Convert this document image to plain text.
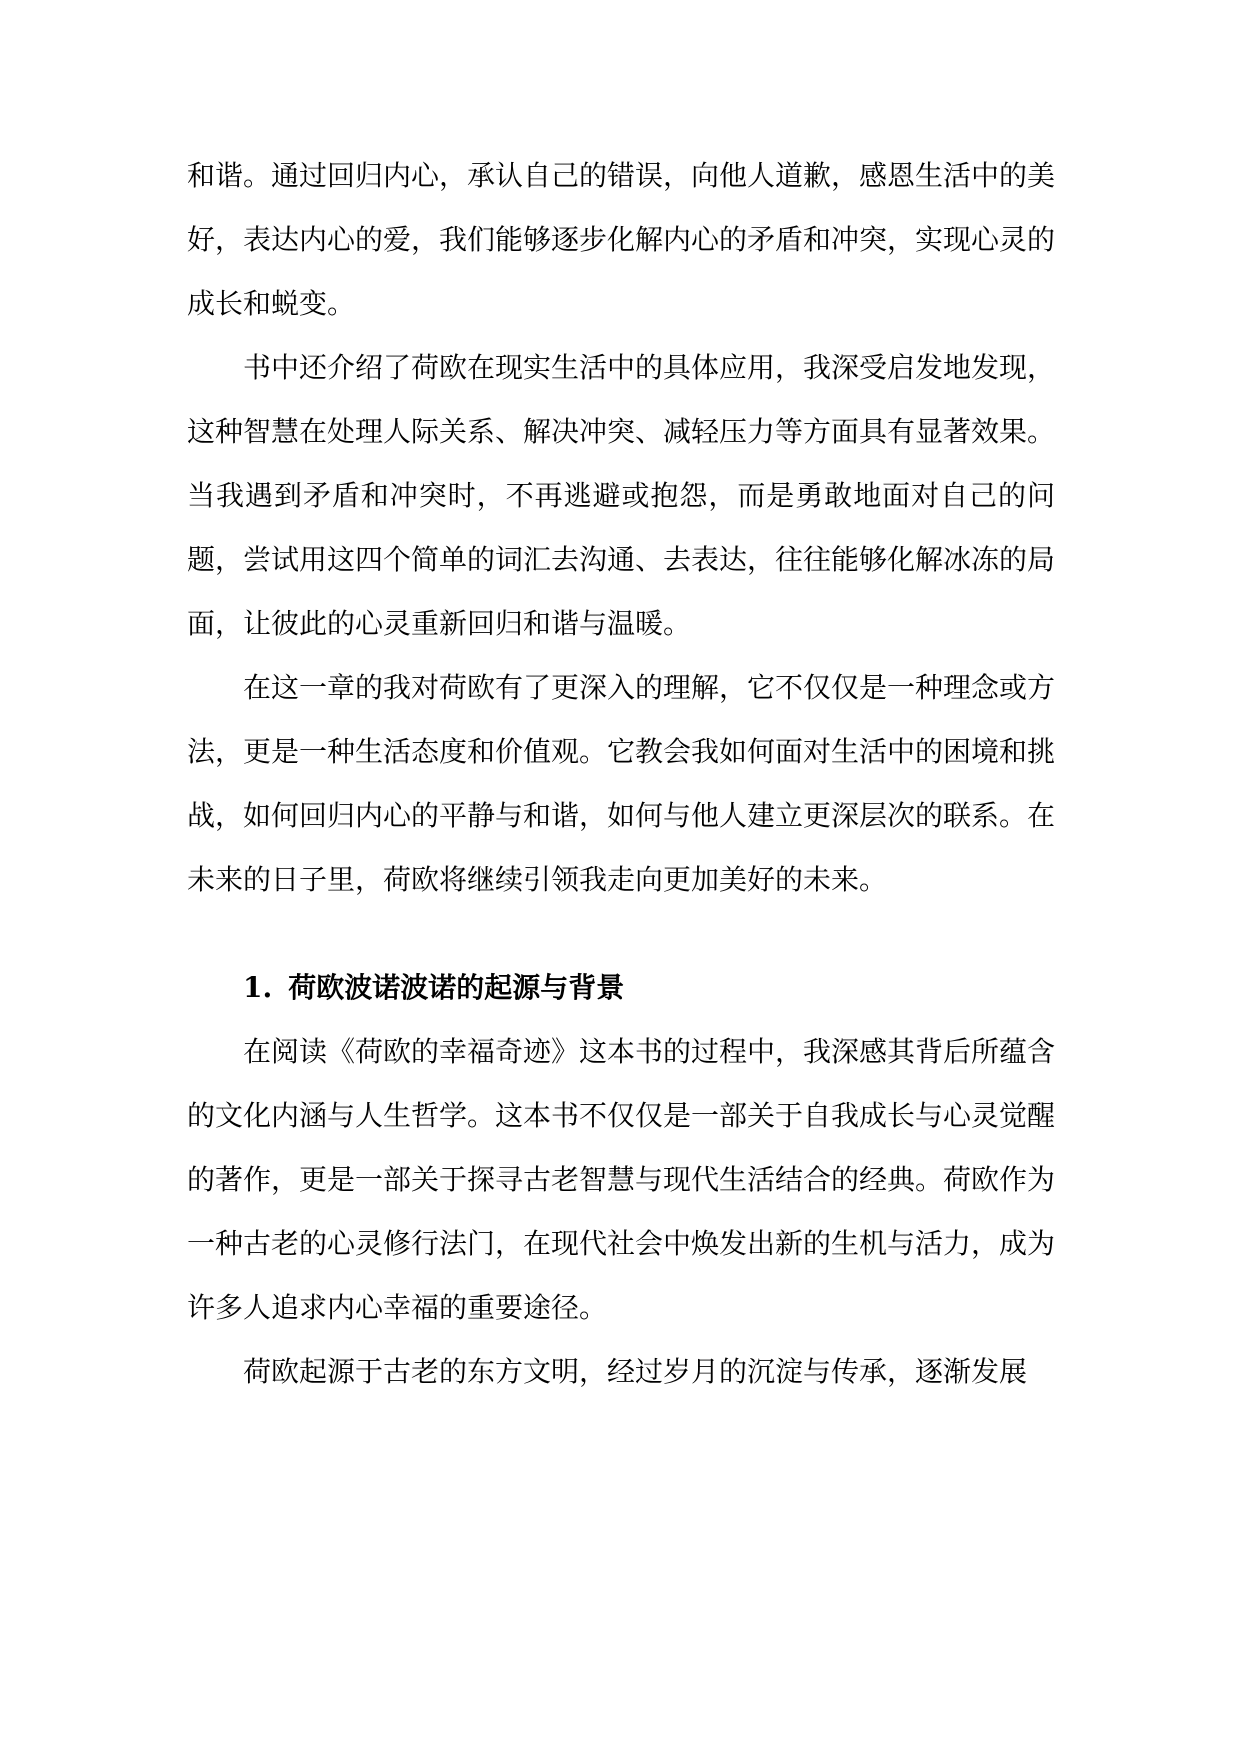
和谐。通过回归内心，承认自己的错误，向他人道歉，感恩生活中的美好，表达内心的爱，我们能够逐步化解内心的矛盾和冲突，实现心灵的成长和蜕变。

书中还介绍了荷欧在现实生活中的具体应用，我深受启发地发现，这种智慧在处理人际关系、解决冲突、减轻压力等方面具有显著效果。当我遇到矛盾和冲突时，不再逃避或抱怨，而是勇敢地面对自己的问题，尝试用这四个简单的词汇去沟通、去表达，往往能够化解冰冻的局面，让彼此的心灵重新回归和谐与温暖。

在这一章的我对荷欧有了更深入的理解，它不仅仅是一种理念或方法，更是一种生活态度和价值观。它教会我如何面对生活中的困境和挑战，如何回归内心的平静与和谐，如何与他人建立更深层次的联系。在未来的日子里，荷欧将继续引领我走向更加美好的未来。

1. 荷欧波诺波诺的起源与背景

在阅读《荷欧的幸福奇迹》这本书的过程中，我深感其背后所蕴含的文化内涵与人生哲学。这本书不仅仅是一部关于自我成长与心灵觉醒的著作，更是一部关于探寻古老智慧与现代生活结合的经典。荷欧作为一种古老的心灵修行法门，在现代社会中焕发出新的生机与活力，成为许多人追求内心幸福的重要途径。

荷欧起源于古老的东方文明，经过岁月的沉淀与传承，逐渐发展
